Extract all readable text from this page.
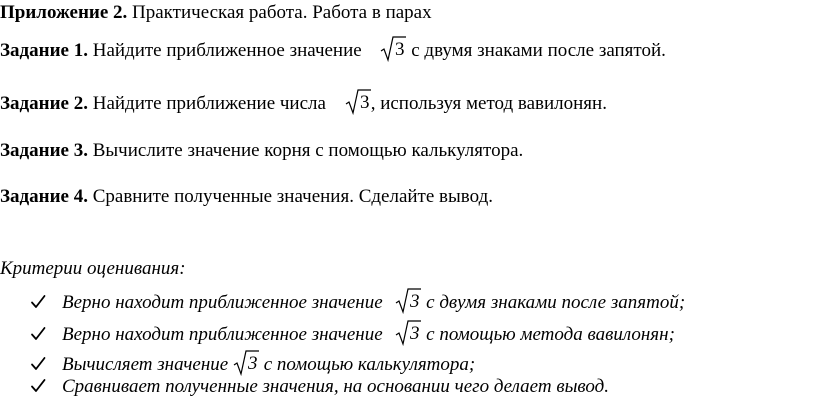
Приложение 2. Практическая работа. Работа в парах
Задание 1. Найдите приближенное значение 3 с двумя знаками после запятой.
Задание 2. Найдите приближение числа 3 , используя метод вавилонян.
Задание 3. Вычислите значение корня с помощью калькулятора.
Задание 4. Сравните полученные значения. Сделайте вывод.
Критерии оценивания:
Верно находит приближенное значение 3 с двумя знаками после запятой;
Верно находит приближенное значение 3 с помощью метода вавилонян;
Вычисляет значение 3 с помощью калькулятора;
Сравнивает полученные значения, на основании чего делает вывод.
